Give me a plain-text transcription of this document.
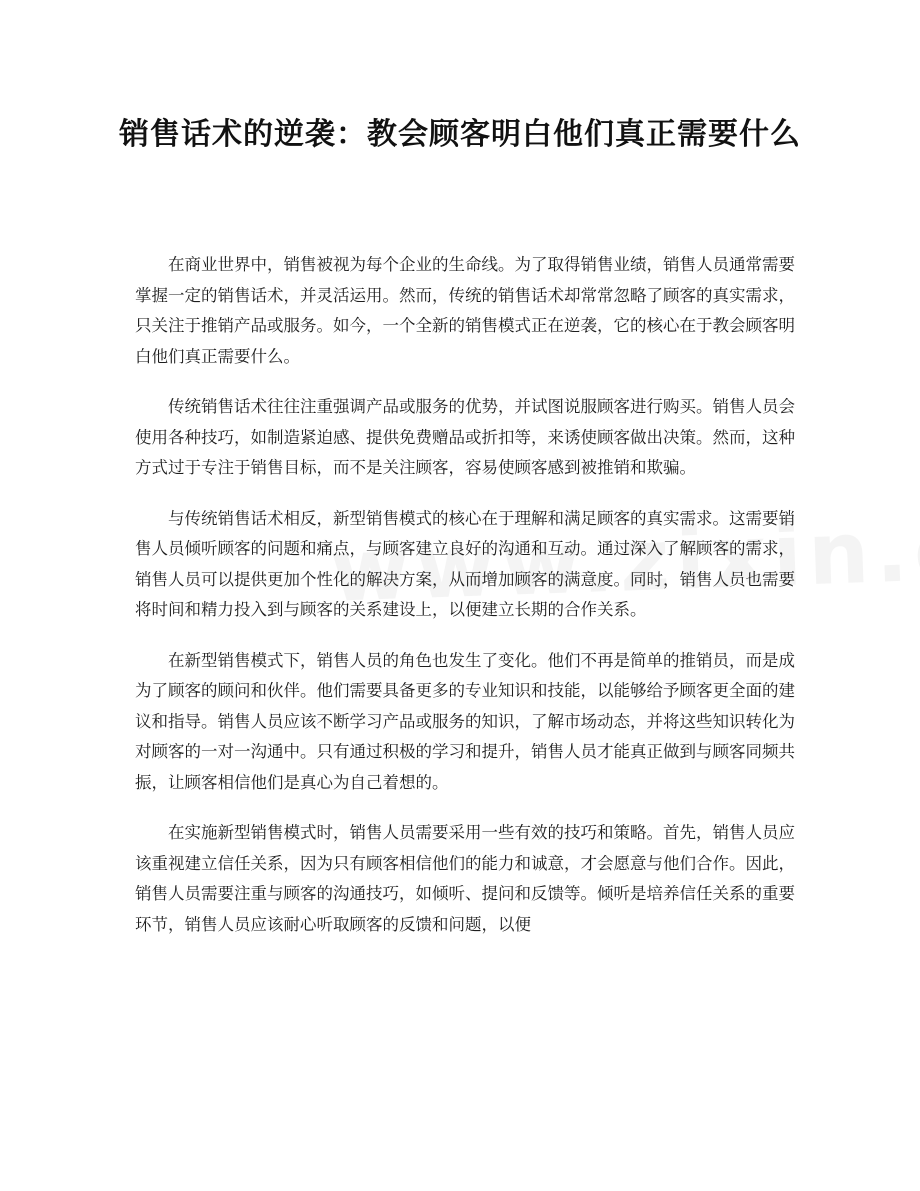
销售话术的逆袭：教会顾客明白他们真正需要什么

在商业世界中，销售被视为每个企业的生命线。为了取得销售业绩，销售人员通常需要掌握一定的销售话术，并灵活运用。然而，传统的销售话术却常常忽略了顾客的真实需求，只关注于推销产品或服务。如今，一个全新的销售模式正在逆袭，它的核心在于教会顾客明白他们真正需要什么。

传统销售话术往往注重强调产品或服务的优势，并试图说服顾客进行购买。销售人员会使用各种技巧，如制造紧迫感、提供免费赠品或折扣等，来诱使顾客做出决策。然而，这种方式过于专注于销售目标，而不是关注顾客，容易使顾客感到被推销和欺骗。

与传统销售话术相反，新型销售模式的核心在于理解和满足顾客的真实需求。这需要销售人员倾听顾客的问题和痛点，与顾客建立良好的沟通和互动。通过深入了解顾客的需求，销售人员可以提供更加个性化的解决方案，从而增加顾客的满意度。同时，销售人员也需要将时间和精力投入到与顾客的关系建设上，以便建立长期的合作关系。

在新型销售模式下，销售人员的角色也发生了变化。他们不再是简单的推销员，而是成为了顾客的顾问和伙伴。他们需要具备更多的专业知识和技能，以能够给予顾客更全面的建议和指导。销售人员应该不断学习产品或服务的知识，了解市场动态，并将这些知识转化为对顾客的一对一沟通中。只有通过积极的学习和提升，销售人员才能真正做到与顾客同频共振，让顾客相信他们是真心为自己着想的。

在实施新型销售模式时，销售人员需要采用一些有效的技巧和策略。首先，销售人员应该重视建立信任关系，因为只有顾客相信他们的能力和诚意，才会愿意与他们合作。因此，销售人员需要注重与顾客的沟通技巧，如倾听、提问和反馈等。倾听是培养信任关系的重要环节，销售人员应该耐心听取顾客的反馈和问题，以便
